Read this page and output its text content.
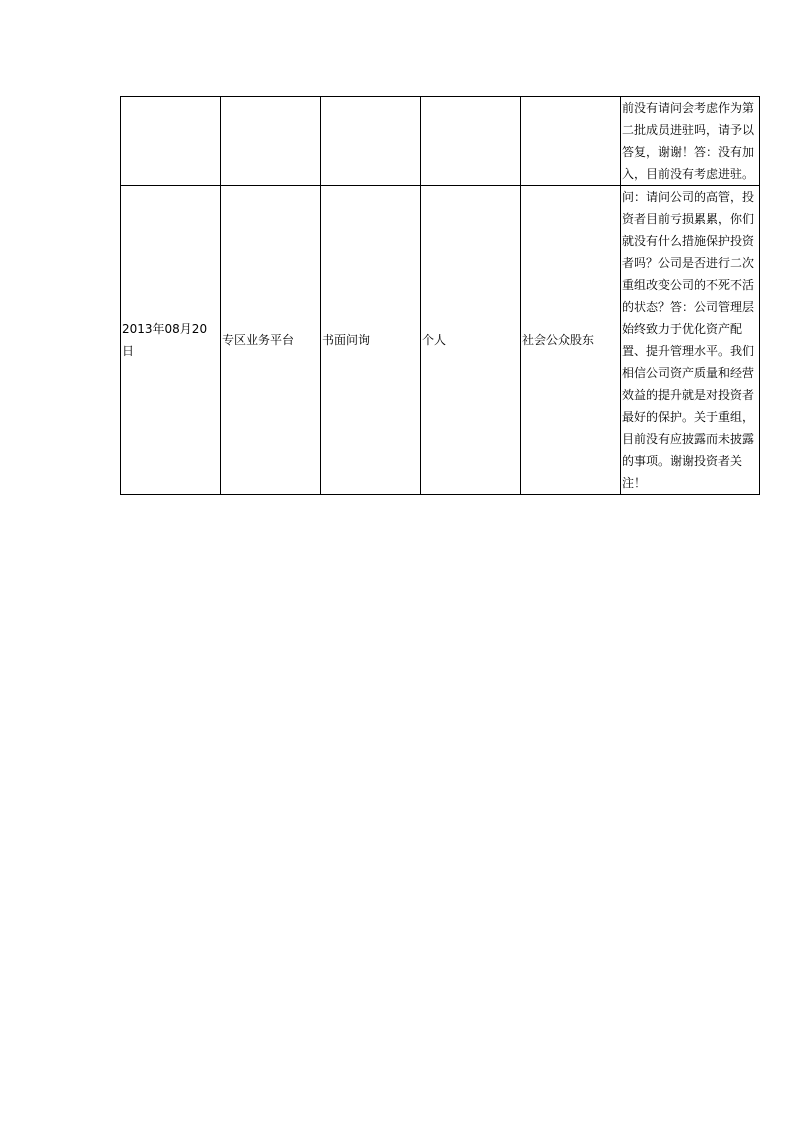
					前没有请问会考虑作为第二批成员进驻吗，请予以答复，谢谢！答：没有加入，目前没有考虑进驻。
2013年08月20日	专区业务平台	书面问询	个人	社会公众股东	问：请问公司的高管，投资者目前亏损累累，你们就没有什么措施保护投资者吗？公司是否进行二次重组改变公司的不死不活的状态？答：公司管理层始终致力于优化资产配置、提升管理水平。我们相信公司资产质量和经营效益的提升就是对投资者最好的保护。关于重组，目前没有应披露而未披露的事项。谢谢投资者关注！
